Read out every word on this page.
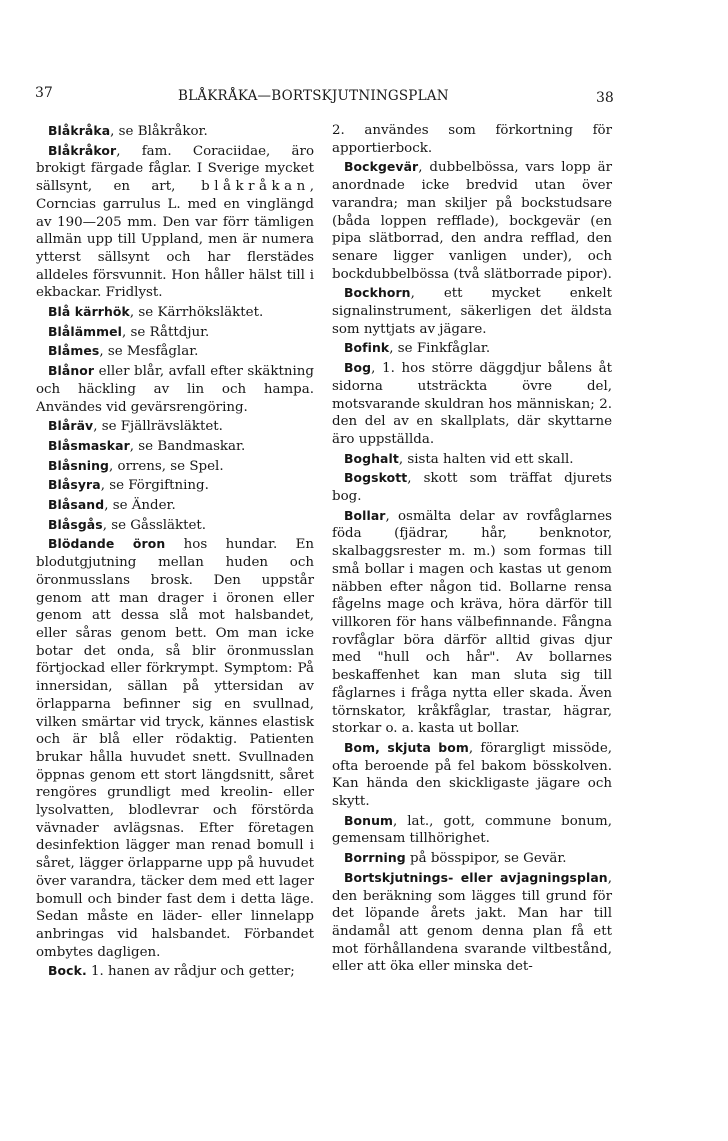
37	BLÅKRÅKA—BORTSKJUTNINGSPLAN	38

Blåkråka, se Blåkråkor.

Blåkråkor, fam. Coraciidae, äro brokigt färgade fåglar. I Sverige mycket sällsynt, en art, blåkråkan, Corncias garrulus L. med en vinglängd av 190—205 mm. Den var förr tämligen allmän upp till Uppland, men är numera ytterst sällsynt och har flerstädes alldeles försvunnit. Hon håller hälst till i ekbackar. Fridlyst.

Blå kärrhök, se Kärrhöksläktet.

Blålämmel, se Råttdjur.

Blåmes, se Mesfåglar.

Blånor eller blår, avfall efter skäktning och häckling av lin och hampa. Användes vid gevärsrengöring.

Blåräv, se Fjällrävsläktet.

Blåsmaskar, se Bandmaskar.

Blåsning, orrens, se Spel.

Blåsyra, se Förgiftning.

Blåsand, se Änder.

Blåsgås, se Gåssläktet.

Blödande öron hos hundar. En blodutgjutning mellan huden och öronmusslans brosk. Den uppstår genom att man drager i öronen eller genom att dessa slå mot halsbandet, eller såras genom bett. Om man icke botar det onda, så blir öronmusslan förtjockad eller förkrympt. Symptom: På innersidan, sällan på yttersidan av örlapparna befinner sig en svullnad, vilken smärtar vid tryck, kännes elastisk och är blå eller rödaktig. Patienten brukar hålla huvudet snett. Svullnaden öppnas genom ett stort längdsnitt, såret rengöres grundligt med kreolin- eller lysolvatten, blodlevrar och förstörda vävnader avlägsnas. Efter företagen desinfektion lägger man renad bomull i såret, lägger örlapparne upp på huvudet över varandra, täcker dem med ett lager bomull och binder fast dem i detta läge. Sedan måste en läder- eller linnelapp anbringas vid halsbandet. Förbandet ombytes dagligen.

Bock. 1. hanen av rådjur och getter;

2. användes som förkortning för apportierbock.

Bockgevär, dubbelbössa, vars lopp är anordnade icke bredvid utan över varandra; man skiljer på bockstudsare (båda loppen refflade), bockgevär (en pipa slätborrad, den andra refflad, den senare ligger vanligen under), och bockdubbelbössa (två slätborrade pipor).

Bockhorn, ett mycket enkelt signalinstrument, säkerligen det äldsta som nyttjats av jägare.

Bofink, se Finkfåglar.

Bog, 1. hos större däggdjur bålens åt sidorna utsträckta övre del, motsvarande skuldran hos människan; 2. den del av en skallplats, där skyttarne äro uppställda.

Boghalt, sista halten vid ett skall.

Bogskott, skott som träffat djurets bog.

Bollar, osmälta delar av rovfåglarnes föda (fjädrar, hår, benknotor, skalbaggsrester m. m.) som formas till små bollar i magen och kastas ut genom näbben efter någon tid. Bollarne rensa fågelns mage och kräva, höra därför till villkoren för hans välbefinnande. Fångna rovfåglar böra därför alltid givas djur med "hull och hår". Av bollarnes beskaffenhet kan man sluta sig till fåglarnes i fråga nytta eller skada. Även törnskator, kråkfåglar, trastar, hägrar, storkar o. a. kasta ut bollar.

Bom, skjuta bom, förargligt missöde, ofta beroende på fel bakom bösskolven. Kan hända den skickligaste jägare och skytt.

Bonum, lat., gott, commune bonum, gemensam tillhörighet.

Borrning på bösspipor, se Gevär.

Bortskjutnings- eller avjagningsplan, den beräkning som lägges till grund för det löpande årets jakt. Man har till ändamål att genom denna plan få ett mot förhållandena svarande viltbestånd, eller att öka eller minska det-
